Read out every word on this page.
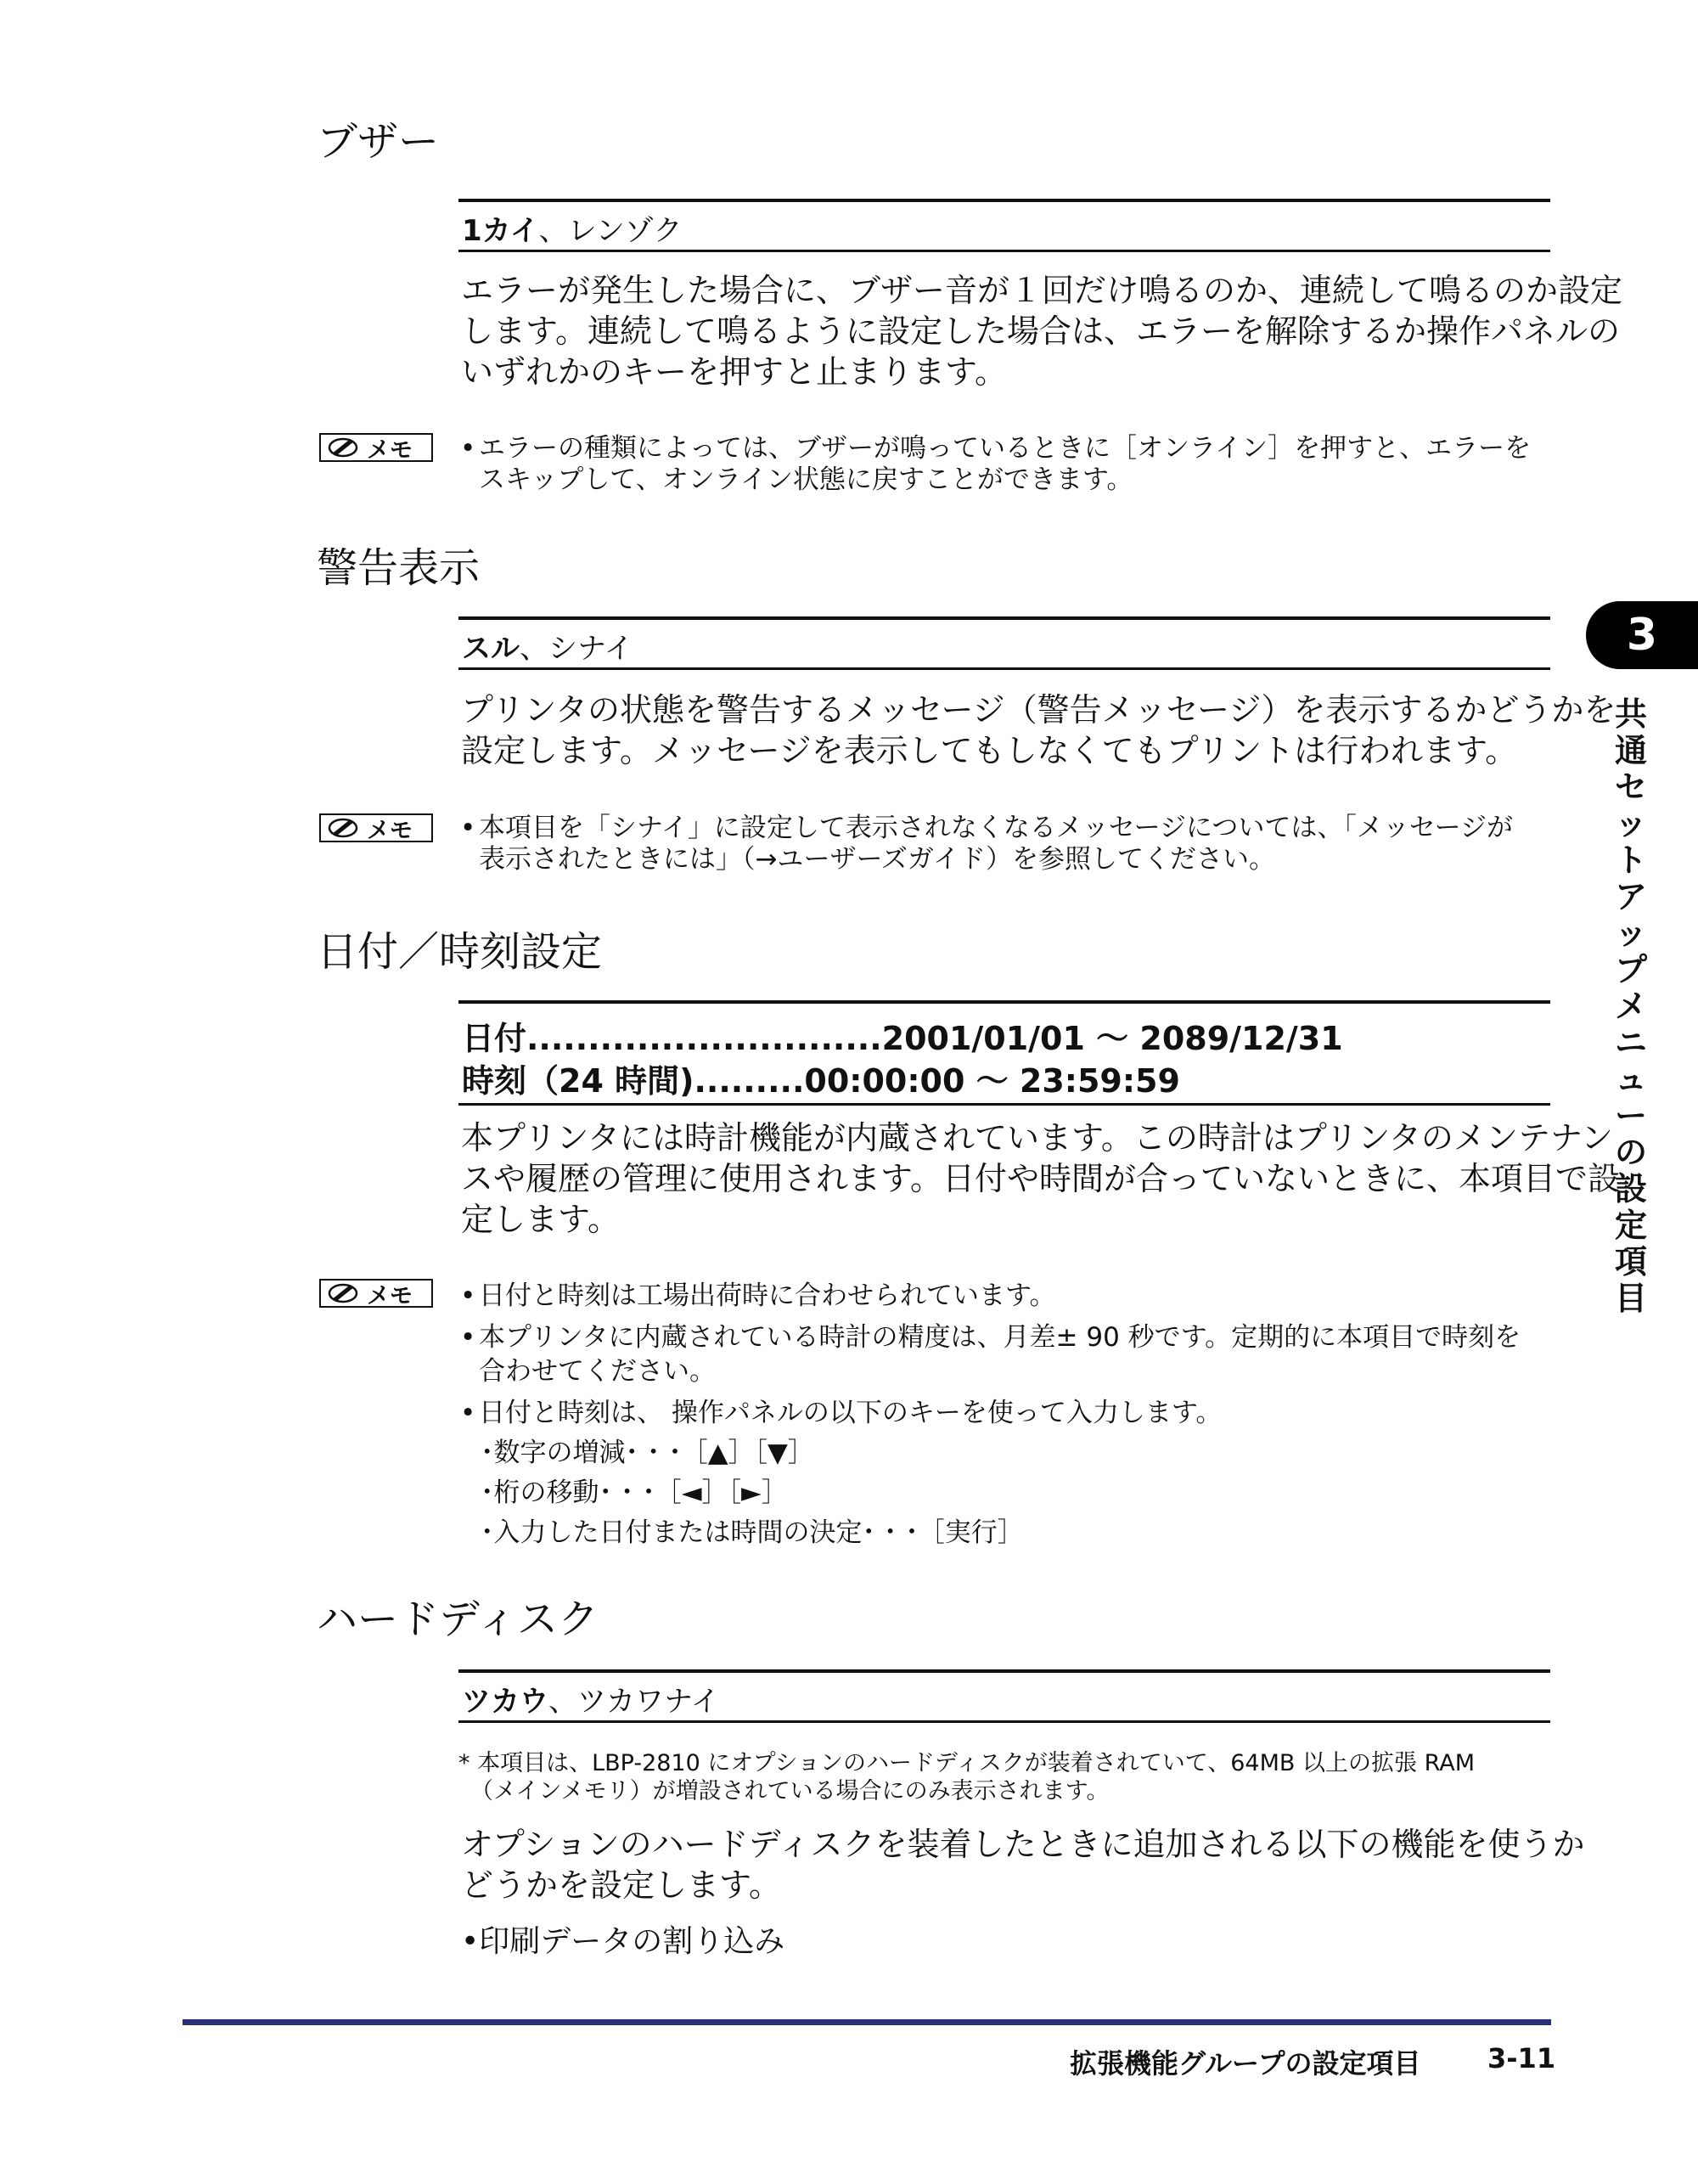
ブザー
1カイ、レンゾク
エラーが発生した場合に、ブザー音が１回だけ鳴るのか、連続して鳴るのか設定
します。連続して鳴るように設定した場合は、エラーを解除するか操作パネルの
いずれかのキーを押すと止まります。
メモ	• エラーの種類によっては、ブザーが鳴っているときに［オンライン］を押すと、エラーを
スキップして、オンライン状態に戻すことができます。
警告表示
スル、シナイ
プリンタの状態を警告するメッセージ（警告メッセージ）を表示するかどうかを
設定します。メッセージを表示してもしなくてもプリントは行われます。
メモ	• 本項目を「シナイ」に設定して表示されなくなるメッセージについては、「メッセージが
表示されたときには」（→ユーザーズガイド）を参照してください。
日付／時刻設定
日付.............................2001/01/01 ～ 2089/12/31
時刻（24 時間).........00:00:00 ～ 23:59:59
本プリンタには時計機能が内蔵されています。この時計はプリンタのメンテナン
スや履歴の管理に使用されます。日付や時間が合っていないときに、本項目で設
定します。
メモ	• 日付と時刻は工場出荷時に合わせられています。
• 本プリンタに内蔵されている時計の精度は、月差± 90 秒です。定期的に本項目で時刻を
合わせてください。
• 日付と時刻は、 操作パネルの以下のキーを使って入力します。
･数字の増減･ ･ ･［▲］［▼］
･桁の移動･ ･ ･［◄］［►］
･入力した日付または時間の決定･ ･ ･［実行］
ハードディスク
ツカウ、ツカワナイ
* 本項目は、LBP-2810 にオプションのハードディスクが装着されていて、64MB 以上の拡張 RAM
（メインメモリ）が増設されている場合にのみ表示されます。
オプションのハードディスクを装着したときに追加される以下の機能を使うか
どうかを設定します。
•印刷データの割り込み
3
共通セットアップメニューの設定項目
拡張機能グループの設定項目 3-11
